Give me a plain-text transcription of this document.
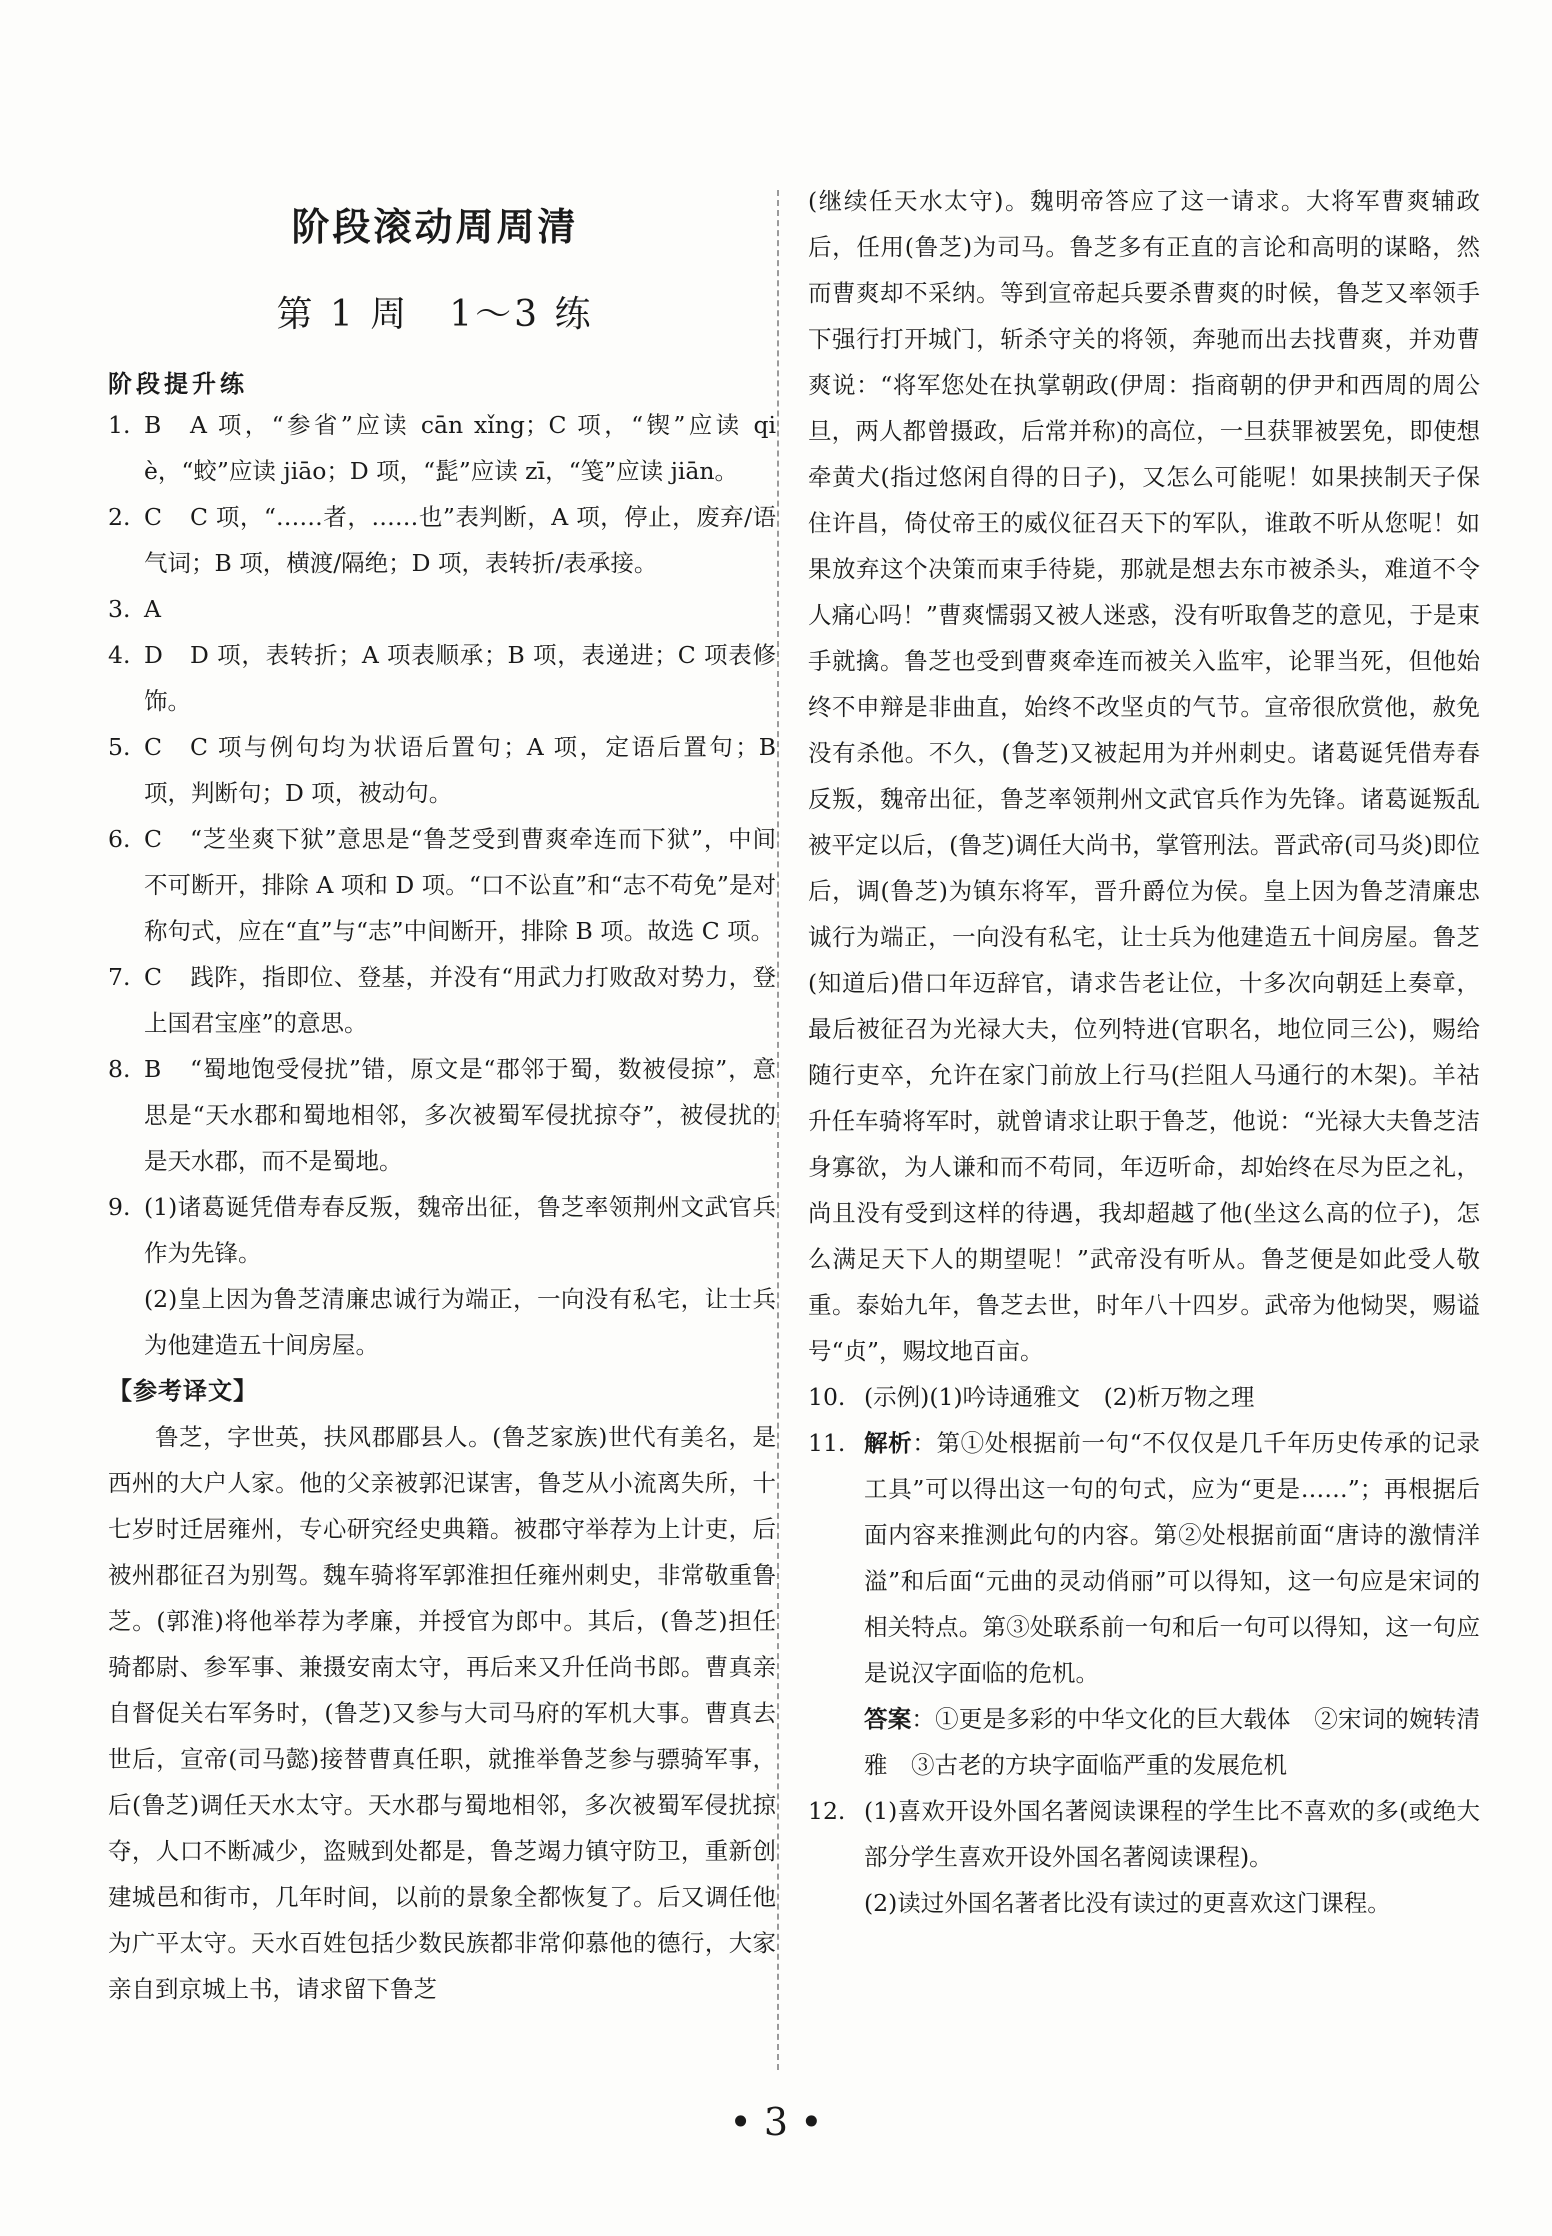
阶段滚动周周清
第 1 周 1～3 练
阶段提升练
1. B A 项，“参省”应读 cān xǐng；C 项，“锲”应读 qiè，“蛟”应读 jiāo；D 项，“髭”应读 zī，“笺”应读 jiān。
2. C C 项，“……者，……也”表判断，A 项，停止，废弃/语气词；B 项，横渡/隔绝；D 项，表转折/表承接。
3. A
4. D D 项，表转折；A 项表顺承；B 项，表递进；C 项表修饰。
5. C C 项与例句均为状语后置句；A 项，定语后置句；B 项，判断句；D 项，被动句。
6. C “芝坐爽下狱”意思是“鲁芝受到曹爽牵连而下狱”，中间不可断开，排除 A 项和 D 项。“口不讼直”和“志不苟免”是对称句式，应在“直”与“志”中间断开，排除 B 项。故选 C 项。
7. C 践阼，指即位、登基，并没有“用武力打败敌对势力，登上国君宝座”的意思。
8. B “蜀地饱受侵扰”错，原文是“郡邻于蜀，数被侵掠”，意思是“天水郡和蜀地相邻，多次被蜀军侵扰掠夺”，被侵扰的是天水郡，而不是蜀地。
9. (1)诸葛诞凭借寿春反叛，魏帝出征，鲁芝率领荆州文武官兵作为先锋。
(2)皇上因为鲁芝清廉忠诚行为端正，一向没有私宅，让士兵为他建造五十间房屋。
【参考译文】
鲁芝，字世英，扶风郡郿县人。(鲁芝家族)世代有美名，是西州的大户人家。他的父亲被郭汜谋害，鲁芝从小流离失所，十七岁时迁居雍州，专心研究经史典籍。被郡守举荐为上计吏，后被州郡征召为别驾。魏车骑将军郭淮担任雍州刺史，非常敬重鲁芝。(郭淮)将他举荐为孝廉，并授官为郎中。其后，(鲁芝)担任骑都尉、参军事、兼摄安南太守，再后来又升任尚书郎。曹真亲自督促关右军务时，(鲁芝)又参与大司马府的军机大事。曹真去世后，宣帝(司马懿)接替曹真任职，就推举鲁芝参与骠骑军事，后(鲁芝)调任天水太守。天水郡与蜀地相邻，多次被蜀军侵扰掠夺，人口不断减少，盗贼到处都是，鲁芝竭力镇守防卫，重新创建城邑和街市，几年时间，以前的景象全都恢复了。后又调任他为广平太守。天水百姓包括少数民族都非常仰慕他的德行，大家亲自到京城上书，请求留下鲁芝
(继续任天水太守)。魏明帝答应了这一请求。大将军曹爽辅政后，任用(鲁芝)为司马。鲁芝多有正直的言论和高明的谋略，然而曹爽却不采纳。等到宣帝起兵要杀曹爽的时候，鲁芝又率领手下强行打开城门，斩杀守关的将领，奔驰而出去找曹爽，并劝曹爽说：“将军您处在执掌朝政(伊周：指商朝的伊尹和西周的周公旦，两人都曾摄政，后常并称)的高位，一旦获罪被罢免，即使想牵黄犬(指过悠闲自得的日子)，又怎么可能呢！如果挟制天子保住许昌，倚仗帝王的威仪征召天下的军队，谁敢不听从您呢！如果放弃这个决策而束手待毙，那就是想去东市被杀头，难道不令人痛心吗！”曹爽懦弱又被人迷惑，没有听取鲁芝的意见，于是束手就擒。鲁芝也受到曹爽牵连而被关入监牢，论罪当死，但他始终不申辩是非曲直，始终不改坚贞的气节。宣帝很欣赏他，赦免没有杀他。不久，(鲁芝)又被起用为并州刺史。诸葛诞凭借寿春反叛，魏帝出征，鲁芝率领荆州文武官兵作为先锋。诸葛诞叛乱被平定以后，(鲁芝)调任大尚书，掌管刑法。晋武帝(司马炎)即位后，调(鲁芝)为镇东将军，晋升爵位为侯。皇上因为鲁芝清廉忠诚行为端正，一向没有私宅，让士兵为他建造五十间房屋。鲁芝(知道后)借口年迈辞官，请求告老让位，十多次向朝廷上奏章，最后被征召为光禄大夫，位列特进(官职名，地位同三公)，赐给随行吏卒，允许在家门前放上行马(拦阻人马通行的木架)。羊祜升任车骑将军时，就曾请求让职于鲁芝，他说：“光禄大夫鲁芝洁身寡欲，为人谦和而不苟同，年迈听命，却始终在尽为臣之礼，尚且没有受到这样的待遇，我却超越了他(坐这么高的位子)，怎么满足天下人的期望呢！”武帝没有听从。鲁芝便是如此受人敬重。泰始九年，鲁芝去世，时年八十四岁。武帝为他恸哭，赐谥号“贞”，赐坟地百亩。
10. (示例)(1)吟诗通雅文　(2)析万物之理
11. 解析：第①处根据前一句“不仅仅是几千年历史传承的记录工具”可以得出这一句的句式，应为“更是……”；再根据后面内容来推测此句的内容。第②处根据前面“唐诗的激情洋溢”和后面“元曲的灵动俏丽”可以得知，这一句应是宋词的相关特点。第③处联系前一句和后一句可以得知，这一句应是说汉字面临的危机。
答案：①更是多彩的中华文化的巨大载体　②宋词的婉转清雅　③古老的方块字面临严重的发展危机
12. (1)喜欢开设外国名著阅读课程的学生比不喜欢的多(或绝大部分学生喜欢开设外国名著阅读课程)。
(2)读过外国名著者比没有读过的更喜欢这门课程。
• 3 •
